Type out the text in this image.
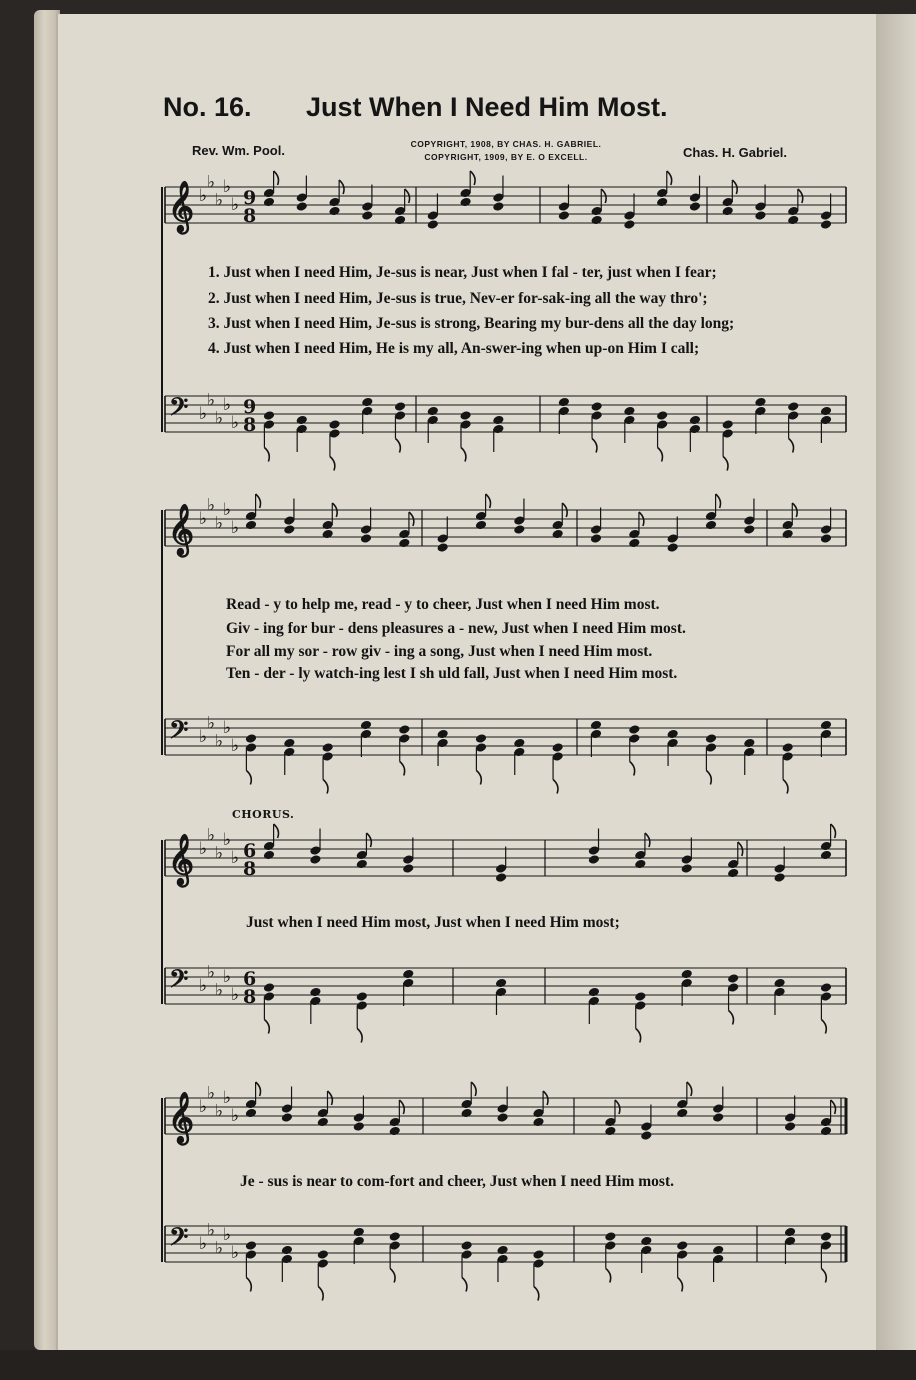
𝄞 ♭
♭
♭
♭
♭ 9
8
𝄢 ♭
♭
♭
♭
♭
9
8
𝄞 ♭
♭
♭
♭
♭
𝄢 ♭
♭
♭
♭
♭
𝄞 ♭
♭
♭
♭
♭ 6
8
𝄢 ♭
♭
♭
♭
♭
6
8
𝄞 ♭
♭
♭
♭
♭
𝄢 ♭
♭
♭
♭
♭
No. 16. Just When I Need Him Most.
Rev. Wm. Pool.	Chas. H. Gabriel.
COPYRIGHT, 1908, BY CHAS. H. GABRIEL.
COPYRIGHT, 1909, BY E. O EXCELL.
1. Just when I need Him, Je-sus is near, Just when I fal - ter, just when I fear;
2. Just when I need Him, Je-sus is true, Nev-er for-sak-ing all the way thro';
3. Just when I need Him, Je-sus is strong, Bearing my bur-dens all the day long;
4. Just when I need Him, He is my all, An-swer-ing when up-on Him I call;
Read - y to help me, read - y to cheer, Just when I need Him most.
Giv - ing for bur - dens pleasures a - new, Just when I need Him most.
For all my sor - row giv - ing a song, Just when I need Him most.
Ten - der - ly watch-ing lest I sh uld fall, Just when I need Him most.
CHORUS.
Just when I need Him most, Just when I need Him most;
Je - sus is near to com-fort and cheer, Just when I need Him most.
